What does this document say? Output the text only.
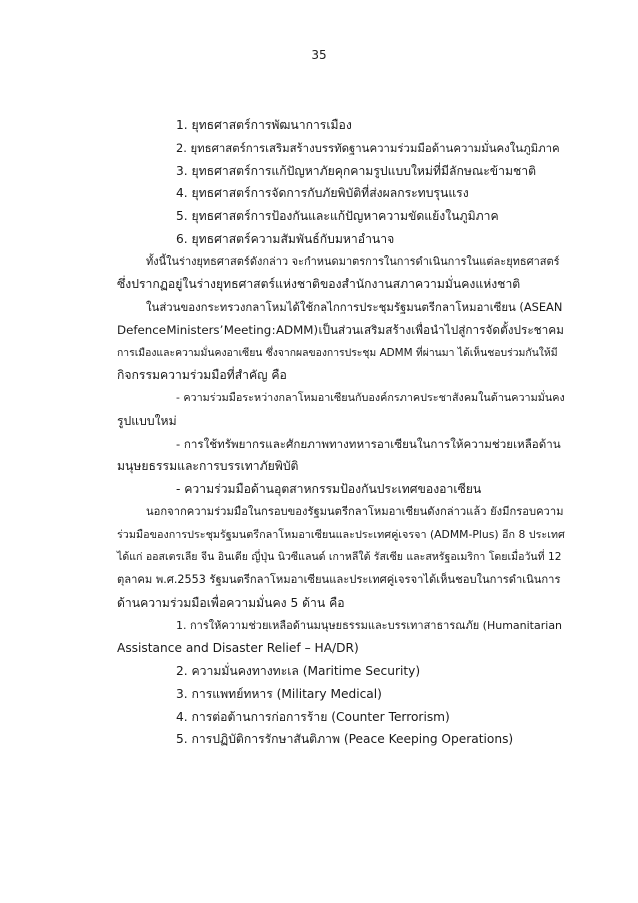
35
1. ยุทธศาสตร์การพัฒนาการเมือง
2. ยุทธศาสตร์การเสริมสร้างบรรทัดฐานความร่วมมือด้านความมั่นคงในภูมิภาค
3. ยุทธศาสตร์การแก้ปัญหาภัยคุกคามรูปแบบใหม่ที่มีลักษณะข้ามชาติ
4. ยุทธศาสตร์การจัดการกับภัยพิบัติที่ส่งผลกระทบรุนแรง
5. ยุทธศาสตร์การป้องกันและแก้ปัญหาความขัดแย้งในภูมิภาค
6. ยุทธศาสตร์ความสัมพันธ์กับมหาอำนาจ
ทั้งนี้ในร่างยุทธศาสตร์ดังกล่าว จะกำหนดมาตรการในการดำเนินการในแต่ละยุทธศาสตร์
ซึ่งปรากฏอยู่ในร่างยุทธศาสตร์แห่งชาติของสำนักงานสภาความมั่นคงแห่งชาติ
ในส่วนของกระทรวงกลาโหมได้ใช้กลไกการประชุมรัฐมนตรีกลาโหมอาเซียน (ASEAN
Defence Ministers’ Meeting : ADMM) เป็นส่วนเสริมสร้างเพื่อนำไปสู่การจัดตั้งประชาคม
การเมืองและความมั่นคงอาเซียน ซึ่งจากผลของการประชุม ADMM ที่ผ่านมา ได้เห็นชอบร่วมกันให้มี
กิจกรรมความร่วมมือที่สำคัญ คือ
- ความร่วมมือระหว่างกลาโหมอาเซียนกับองค์กรภาคประชาสังคมในด้านความมั่นคง
รูปแบบใหม่
- การใช้ทรัพยากรและศักยภาพทางทหารอาเซียนในการให้ความช่วยเหลือด้าน
มนุษยธรรมและการบรรเทาภัยพิบัติ
- ความร่วมมือด้านอุตสาหกรรมป้องกันประเทศของอาเซียน
นอกจากความร่วมมือในกรอบของรัฐมนตรีกลาโหมอาเซียนดังกล่าวแล้ว ยังมีกรอบความ
ร่วมมือของการประชุมรัฐมนตรีกลาโหมอาเซียนและประเทศคู่เจรจา (ADMM-Plus) อีก 8 ประเทศ
ได้แก่ ออสเตรเลีย จีน อินเดีย ญี่ปุ่น นิวซีแลนด์ เกาหลีใต้ รัสเซีย และสหรัฐอเมริกา โดยเมื่อวันที่ 12
ตุลาคม พ.ศ.2553 รัฐมนตรีกลาโหมอาเซียนและประเทศคู่เจรจาได้เห็นชอบในการดำเนินการ
ด้านความร่วมมือเพื่อความมั่นคง 5 ด้าน คือ
1. การให้ความช่วยเหลือด้านมนุษยธรรมและบรรเทาสาธารณภัย (Humanitarian
Assistance and Disaster Relief – HA/DR)
2. ความมั่นคงทางทะเล (Maritime Security)
3. การแพทย์ทหาร (Military Medical)
4. การต่อต้านการก่อการร้าย (Counter Terrorism)
5. การปฏิบัติการรักษาสันติภาพ (Peace Keeping Operations)
